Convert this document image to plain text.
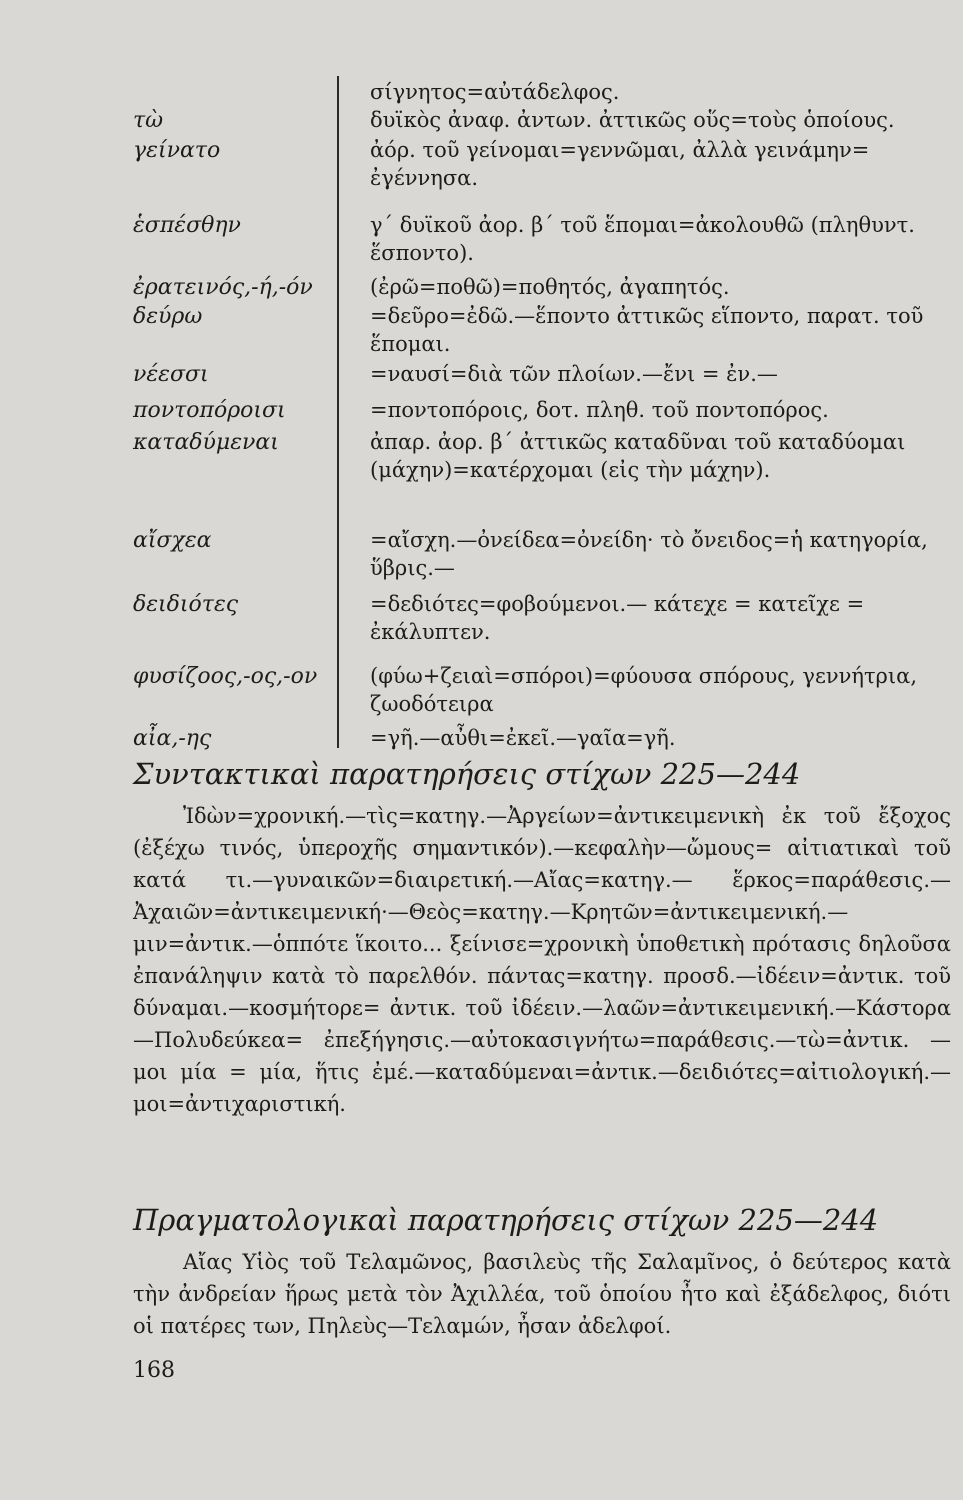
σίγνητος=αὐτάδελφος.
τὼ	δυϊκὸς ἀναφ. ἀντων. ἀττικῶς οὕς=τοὺς ὁποίους.
γείνατο	ἀόρ. τοῦ γείνομαι=γεννῶμαι, ἀλλὰ γεινάμην= ἐγέννησα.
ἑσπέσθην	γ΄ δυϊκοῦ ἀορ. β΄ τοῦ ἕπομαι=ἀκολουθῶ (πληθυντ. ἕσποντο).
ἐρατεινός,-ή,-όν	(ἐρῶ=ποθῶ)=ποθητός, ἀγαπητός.
δεύρω	=δεῦρο=ἐδῶ.—ἕποντο ἀττικῶς εἵποντο, παρατ. τοῦ ἕπομαι.
νέεσσι	=ναυσί=διὰ τῶν πλοίων.—ἔνι = ἐν.—
ποντοπόροισι	=ποντοπόροις, δοτ. πληθ. τοῦ ποντοπόρος.
καταδύμεναι	ἀπαρ. ἀορ. β΄ ἀττικῶς καταδῦναι τοῦ καταδύομαι (μάχην)=κατέρχομαι (εἰς τὴν μάχην).
αἴσχεα	=αἴσχη.—ὀνείδεα=ὀνείδη· τὸ ὄνειδος=ἡ κατηγορία, ὕβρις.—
δειδιότες	=δεδιότες=φοβούμενοι.— κάτεχε = κατεῖχε = ἐκάλυπτεν.
φυσίζοος,-ος,-ον	(φύω+ζειαὶ=σπόροι)=φύουσα σπόρους, γεννήτρια, ζωοδότειρα
αἶα,-ης	=γῆ.—αὖθι=ἐκεῖ.—γαῖα=γῆ.
Συντακτικαὶ παρατηρήσεις στίχων 225—244

Ἰδὼν=χρονική.—τὶς=κατηγ.—Ἀργείων=ἀντικειμενικὴ ἐκ τοῦ ἔξοχος (ἐξέχω τινός, ὑπεροχῆς σημαντικόν).—κεφαλὴν—ὤμους= αἰτιατικαὶ τοῦ κατά τι.—γυναικῶν=διαιρετική.—Αἴας=κατηγ.— ἕρκος=παράθεσις.—Ἀχαιῶν=ἀντικειμενική·—Θεὸς=κατηγ.—Κρητῶν=ἀντικειμενική.—μιν=ἀντικ.—ὁππότε ἵκοιτο... ξείνισε=χρονικὴ ὑποθετικὴ πρότασις δηλοῦσα ἐπανάληψιν κατὰ τὸ παρελθόν. πάντας=κατηγ. προσδ.—ἰδέειν=ἀντικ. τοῦ δύναμαι.—κοσμήτορε= ἀντικ. τοῦ ἰδέειν.—λαῶν=ἀντικειμενική.—Κάστορα—Πολυδεύκεα= ἐπεξήγησις.—αὐτοκασιγνήτω=παράθεσις.—τὼ=ἀντικ. — μοι μία = μία, ἥτις ἐμέ.—καταδύμεναι=ἀντικ.—δειδιότες=αἰτιολογική.— μοι=ἀντιχαριστική.

Πραγματολογικαὶ παρατηρήσεις στίχων 225—244

Αἴας Υἱὸς τοῦ Τελαμῶνος, βασιλεὺς τῆς Σαλαμῖνος, ὁ δεύτερος κατὰ τὴν ἀνδρείαν ἥρως μετὰ τὸν Ἀχιλλέα, τοῦ ὁποίου ἦτο καὶ ἐξάδελφος, διότι οἱ πατέρες των, Πηλεὺς—Τελαμών, ἦσαν ἀδελφοί.

168
